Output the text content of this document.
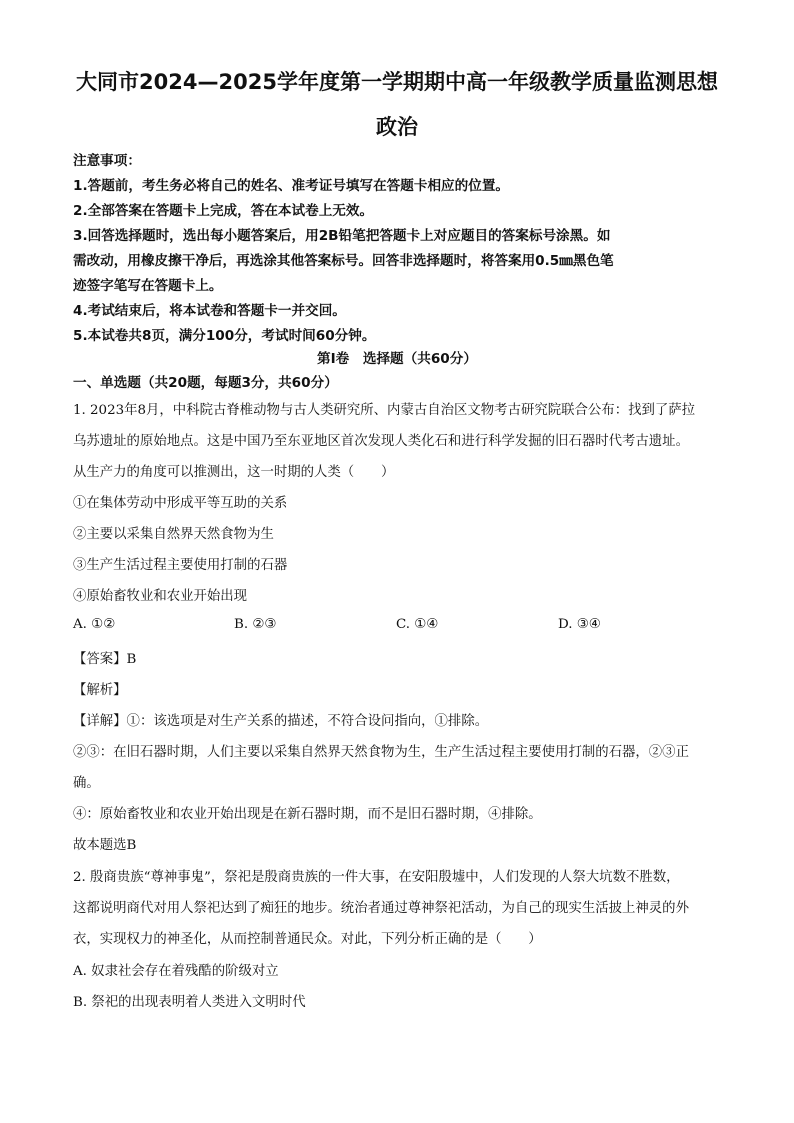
大同市2024—2025学年度第一学期期中高一年级教学质量监测思想
政治
注意事项：
1.答题前，考生务必将自己的姓名、准考证号填写在答题卡相应的位置。
2.全部答案在答题卡上完成，答在本试卷上无效。
3.回答选择题时，选出每小题答案后，用2B铅笔把答题卡上对应题目的答案标号涂黑。如
需改动，用橡皮擦干净后，再选涂其他答案标号。回答非选择题时，将答案用0.5㎜黑色笔
迹签字笔写在答题卡上。
4.考试结束后，将本试卷和答题卡一并交回。
5.本试卷共8页，满分100分，考试时间60分钟。
第Ⅰ卷　选择题（共60分）
一、单选题（共20题，每题3分，共60分）
1. 2023年8月，中科院古脊椎动物与古人类研究所、内蒙古自治区文物考古研究院联合公布：找到了萨拉
乌苏遗址的原始地点。这是中国乃至东亚地区首次发现人类化石和进行科学发掘的旧石器时代考古遗址。
从生产力的角度可以推测出，这一时期的人类（　　）
①在集体劳动中形成平等互助的关系
②主要以采集自然界天然食物为生
③生产生活过程主要使用打制的石器
④原始畜牧业和农业开始出现
A. ①②	B. ②③	C. ①④	D. ③④
【答案】B
【解析】
【详解】①：该选项是对生产关系的描述，不符合设问指向，①排除。
②③：在旧石器时期，人们主要以采集自然界天然食物为生，生产生活过程主要使用打制的石器，②③正
确。
④：原始畜牧业和农业开始出现是在新石器时期，而不是旧石器时期，④排除。
故本题选B
2. 殷商贵族“尊神事鬼”，祭祀是殷商贵族的一件大事，在安阳殷墟中，人们发现的人祭大坑数不胜数，
这都说明商代对用人祭祀达到了痴狂的地步。统治者通过尊神祭祀活动，为自己的现实生活披上神灵的外
衣，实现权力的神圣化，从而控制普通民众。对此，下列分析正确的是（　　）
A. 奴隶社会存在着残酷的阶级对立
B. 祭祀的出现表明着人类进入文明时代
